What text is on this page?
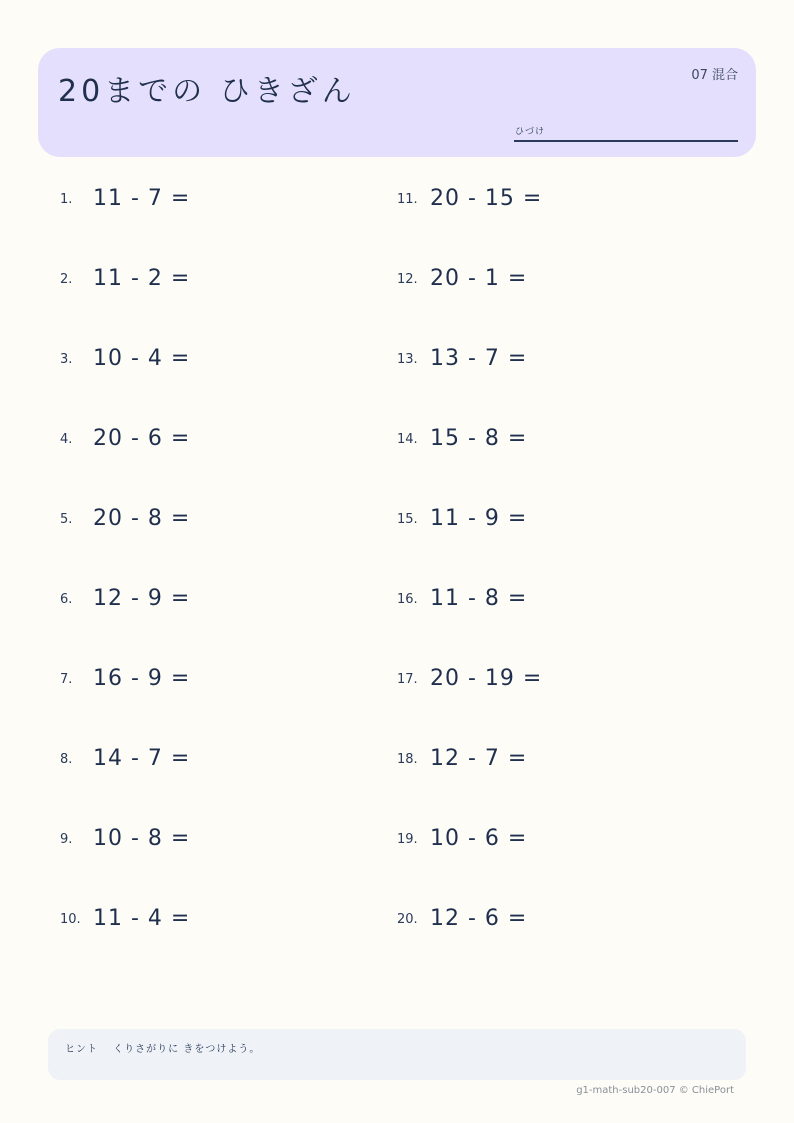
20までの ひきざん	07 混合
ひづけ
1. 11 - 7 =
2. 11 - 2 =
3. 10 - 4 =
4. 20 - 6 =
5. 20 - 8 =
6. 12 - 9 =
7. 16 - 9 =
8. 14 - 7 =
9. 10 - 8 =
10. 11 - 4 =
11. 20 - 15 =
12. 20 - 1 =
13. 13 - 7 =
14. 15 - 8 =
15. 11 - 9 =
16. 11 - 8 =
17. 20 - 19 =
18. 12 - 7 =
19. 10 - 6 =
20. 12 - 6 =
ヒント　 くりさがりに きをつけよう。
g1-math-sub20-007 © ChiePort
